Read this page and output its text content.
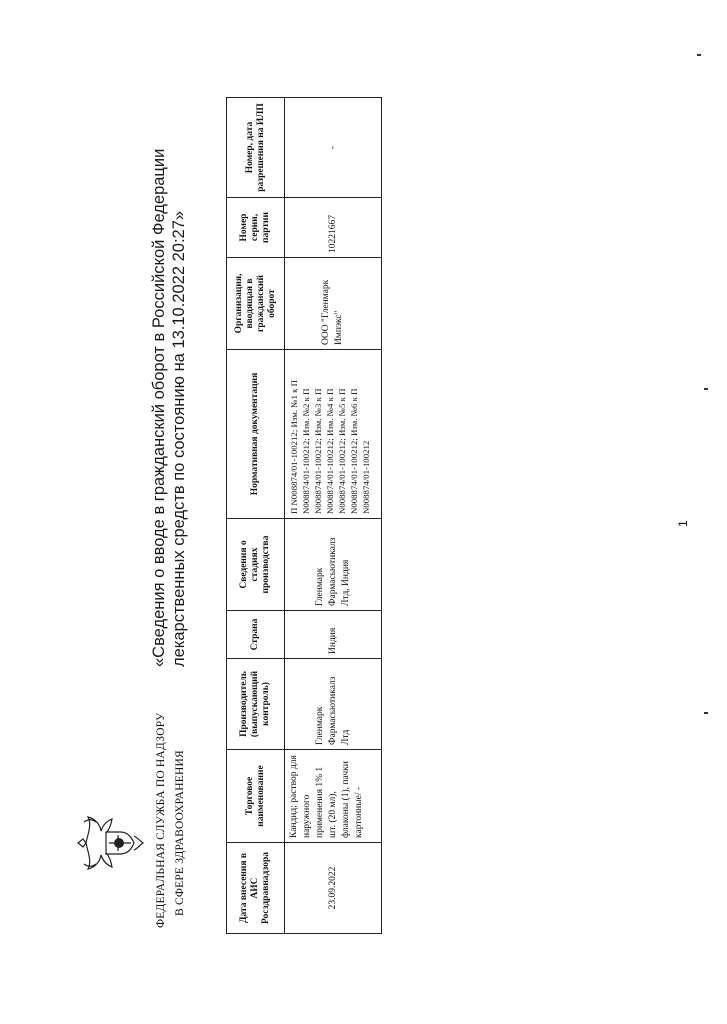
ФЕДЕРАЛЬНАЯ СЛУЖБА ПО НАДЗОРУ В СФЕРЕ ЗДРАВООХРАНЕНИЯ
«Сведения о вводе в гражданский оборот в Российской Федерации лекарственных средств по состоянию на 13.10.2022 20:27»
Дата внесения в АИС Росздравнадзора	Торговое наименование	Производитель (выпускающий контроль)	Страна	Сведения о стадиях производства	Нормативная документация	Организация, вводящая в гражданский оборот	Номер серии, партии	Номер, дата разрешения на ИЛП
23.09.2022	Кандид; раствор для наружного применения 1% 1 шт. (20 мл), флаконы (1), пачки картонные/ -	Гленмарк Фармасьютикалз Лтд	Индия	Гленмарк Фармасьютикалз Лтд, Индия	П N008874/01-100212; Изм. №1 к П N008874/01-100212; Изм. №2 к П N008874/01-100212; Изм. №3 к П N008874/01-100212; Изм. №4 к П N008874/01-100212; Изм. №5 к П N008874/01-100212; Изм. №6 к П N008874/01-100212	ООО "Гленмарк Импэкс"	10221667	-
1
